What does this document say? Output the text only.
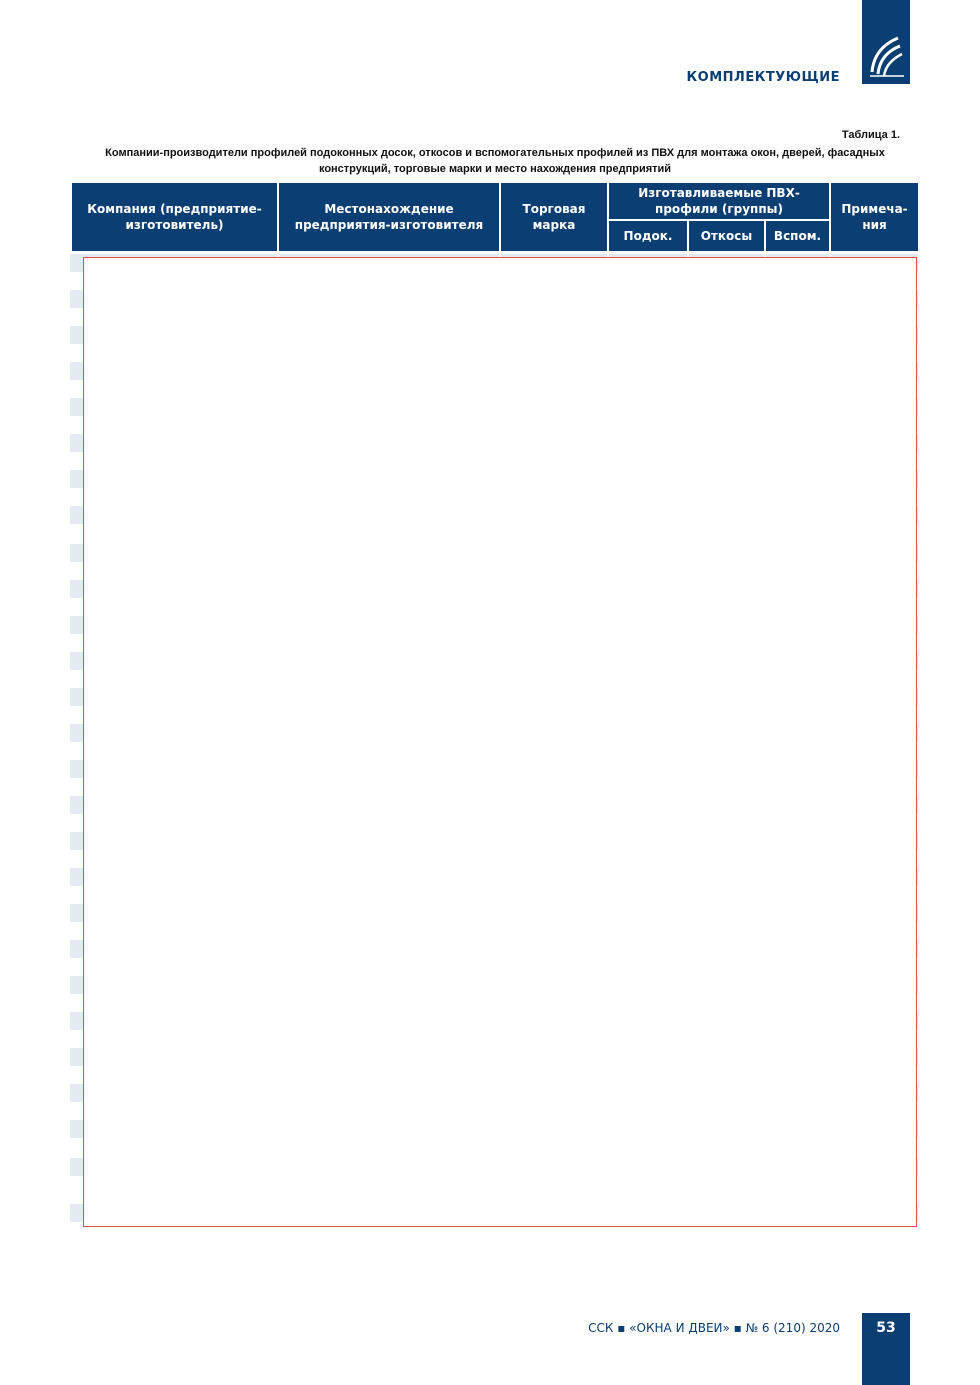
КОМПЛЕКТУЮЩИЕ
Таблица 1.
Компании-производители профилей подоконных досок, откосов и вспомогательных профилей из ПВХ для монтажа окон, дверей, фасадных конструкций, торговые марки и место нахождения предприятий
Компания (предприятие-изготовитель)	Местонахождение предприятия-изготовителя	Торговая марка	Изготавливаемые ПВХ-профили (группы)			Примеча-ния
			Подок.	Откосы	Вспом.	
ССК ▪ «ОКНА И ДВЕИ» ▪ № 6 (210) 2020	53
